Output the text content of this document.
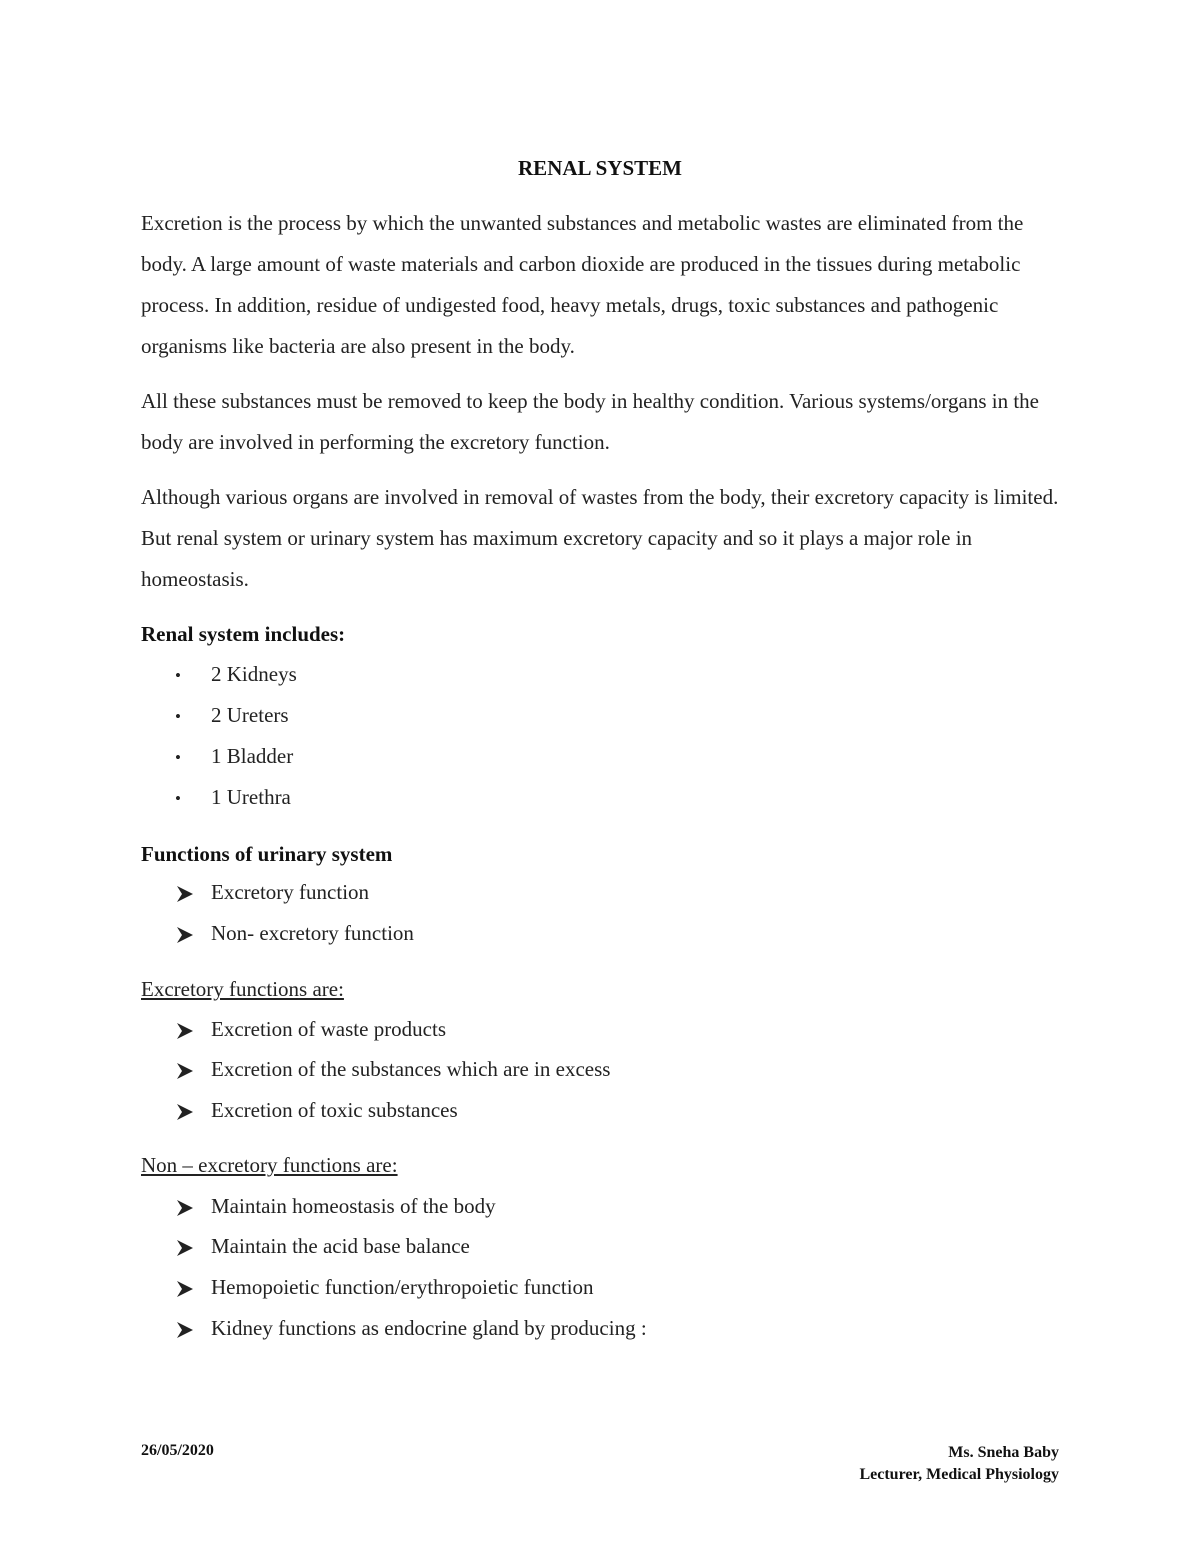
RENAL SYSTEM

Excretion is the process by which the unwanted substances and metabolic wastes are eliminated from the body. A large amount of waste materials and carbon dioxide are produced in the tissues during metabolic process. In addition, residue of undigested food, heavy metals, drugs, toxic substances and pathogenic organisms like bacteria are also present in the body.

All these substances must be removed to keep the body in healthy condition. Various systems/organs in the body are involved in performing the excretory function.

Although various organs are involved in removal of wastes from the body, their excretory capacity is limited. But renal system or urinary system has maximum excretory capacity and so it plays a major role in homeostasis.

Renal system includes:
• 2 Kidneys
• 2 Ureters
• 1 Bladder
• 1 Urethra
Functions of urinary system
Excretory function
Non- excretory function
Excretory functions are:
Excretion of waste products
Excretion of the substances which are in excess
Excretion of toxic substances
Non – excretory functions are:
Maintain homeostasis of the body
Maintain the acid base balance
Hemopoietic function/erythropoietic function
Kidney functions as endocrine gland by producing :
26/05/2020	Ms. Sneha Baby
Lecturer, Medical Physiology
